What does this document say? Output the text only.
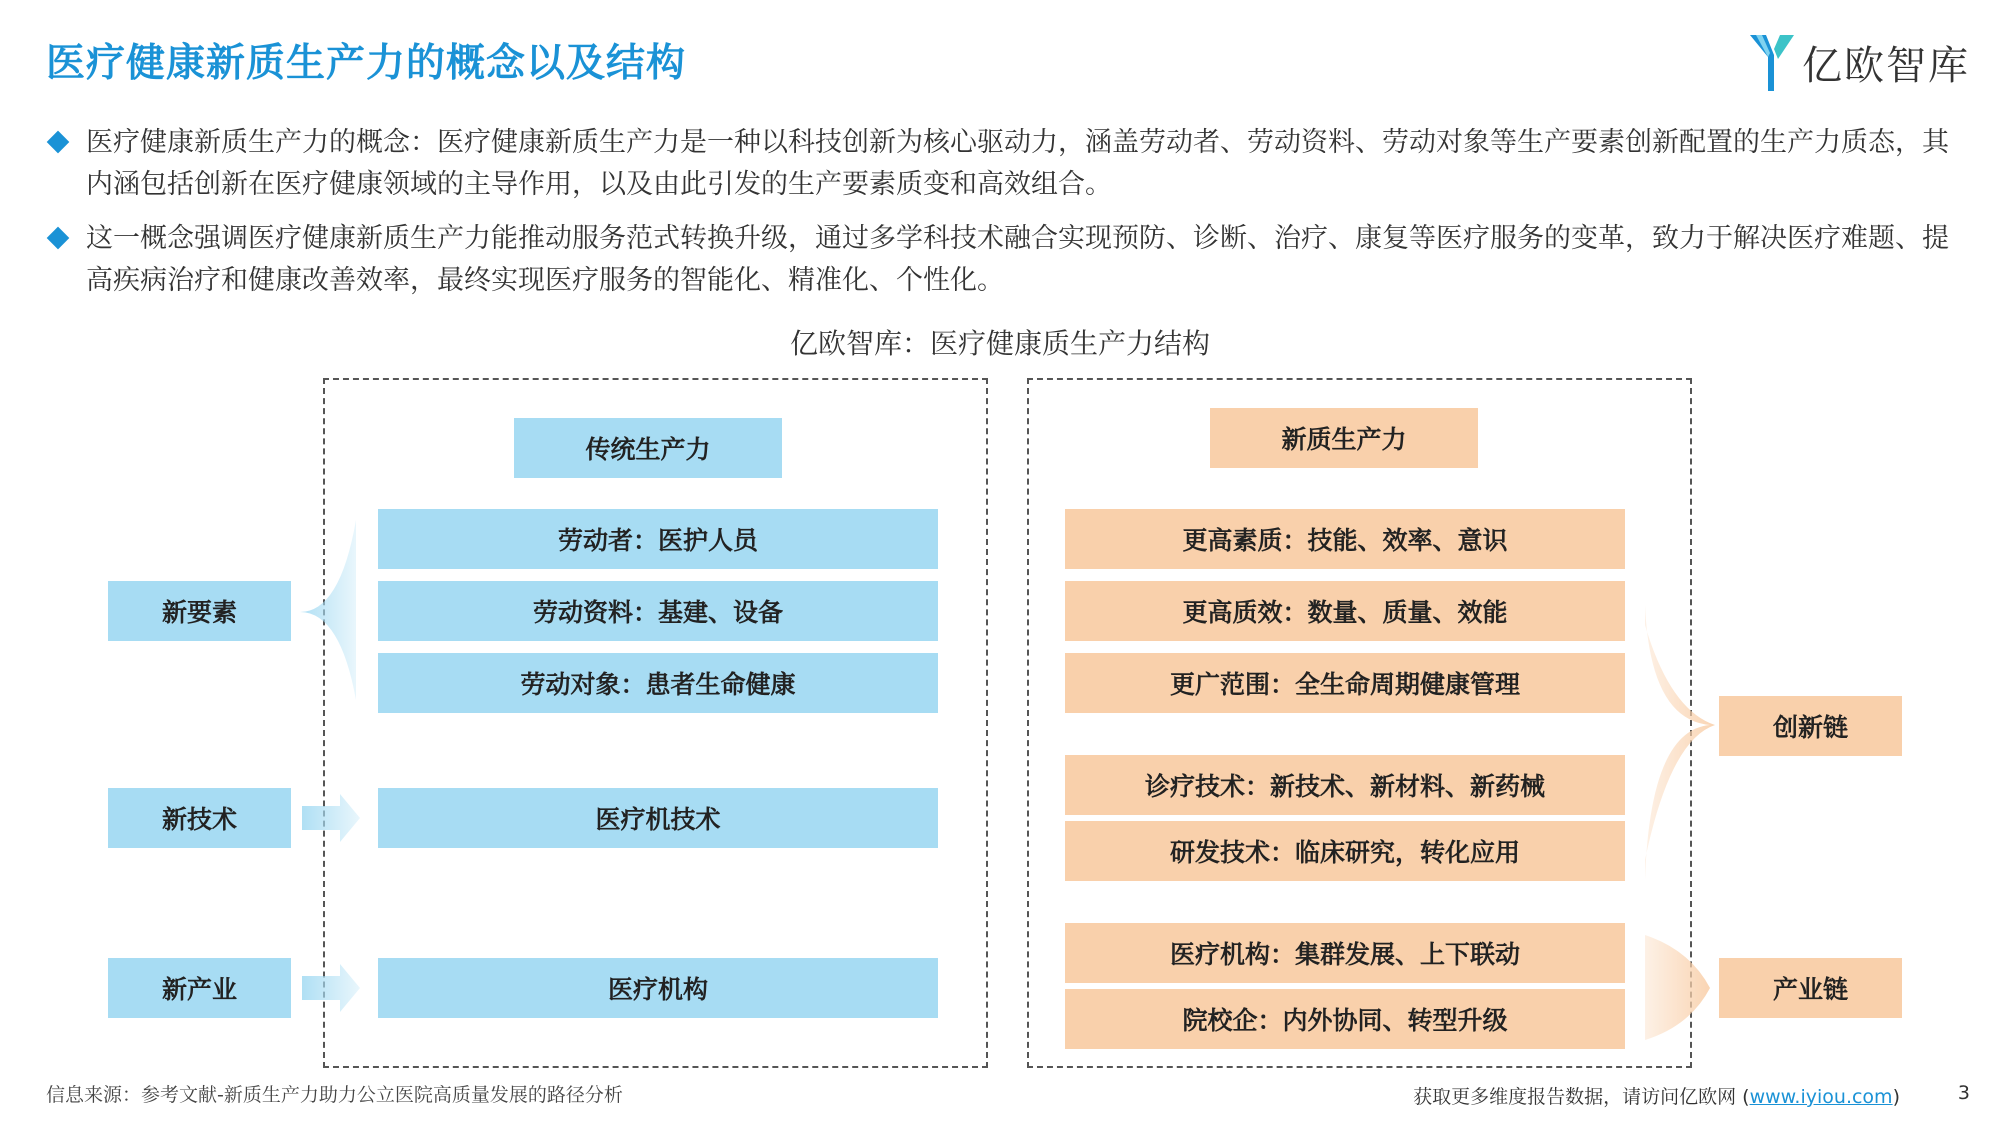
医疗健康新质生产力的概念以及结构	亿欧智库
医疗健康新质生产力的概念：医疗健康新质生产力是一种以科技创新为核心驱动力，涵盖劳动者、劳动资料、劳动对象等生产要素创新配置的生产力质态，其内涵包括创新在医疗健康领域的主导作用，以及由此引发的生产要素质变和高效组合。
这一概念强调医疗健康新质生产力能推动服务范式转换升级，通过多学科技术融合实现预防、诊断、治疗、康复等医疗服务的变革，致力于解决医疗难题、提高疾病治疗和健康改善效率，最终实现医疗服务的智能化、精准化、个性化。
亿欧智库：医疗健康质生产力结构
新要素
新技术
新产业
传统生产力
劳动者：医护人员
劳动资料：基建、设备
劳动对象：患者生命健康
医疗机技术
医疗机构
新质生产力
更高素质：技能、效率、意识
更高质效：数量、质量、效能
更广范围：全生命周期健康管理
诊疗技术：新技术、新材料、新药械
研发技术：临床研究，转化应用
医疗机构：集群发展、上下联动
院校企：内外协同、转型升级
创新链
产业链
信息来源：参考文献-新质生产力助力公立医院高质量发展的路径分析	获取更多维度报告数据，请访问亿欧网 (www.iyiou.com)	3
